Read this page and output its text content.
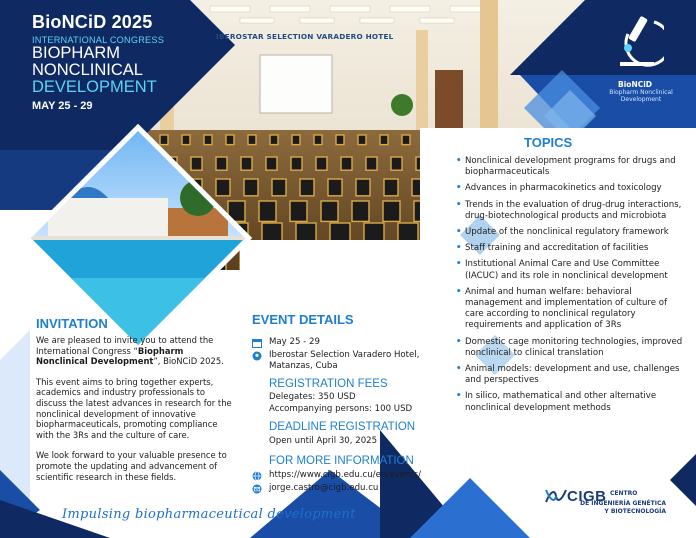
BioNCiD 2025
INTERNATIONAL CONGRESS
BIOPHARM
NONCLINICAL
DEVELOPMENT
MAY 25 - 29
IBEROSTAR SELECTION VARADERO HOTEL
BioNCiD
Biopharm Nonclinical Development
TOPICS
• Nonclinical development programs for drugs and biopharmaceuticals
• Advances in pharmacokinetics and toxicology
• Trends in the evaluation of drug-drug interactions, drug-biotechnological products and microbiota
• Update of the nonclinical regulatory framework
• Staff training and accreditation of facilities
• Institutional Animal Care and Use Committee (IACUC) and its role in nonclinical development
• Animal and human welfare: behavioral management and implementation of culture of care according to nonclinical regulatory requirements and application of 3Rs
• Domestic cage monitoring technologies, improved nonclinical to clinical translation
• Animal models: development and use, challenges and perspectives
• In silico, mathematical and other alternative nonclinical development methods
INVITATION

We are pleased to invite you to attend the International Congress “Biopharm Nonclinical Development”, BioNCiD 2025.

This event aims to bring together experts, academics and industry professionals to discuss the latest advances in research for the nonclinical development of innovative biopharmaceuticals, promoting compliance with the 3Rs and the culture of care.

We look forward to your valuable presence to promote the updating and advancement of scientific research in these fields.

EVENT DETAILS
May 25 - 29
Iberostar Selection Varadero Hotel,
Matanzas, Cuba
REGISTRATION FEES
Delegates: 350 USD
Accompanying persons: 100 USD
DEADLINE REGISTRATION
Open until April 30, 2025
FOR MORE INFORMATION
https://www.cigb.edu.cu/en/events/
jorge.castro@cigb.edu.cu
Impulsing biopharmaceutical development
CIGB CENTRO
DE INGENIERÍA GENÉTICA
Y BIOTECNOLOGÍA
